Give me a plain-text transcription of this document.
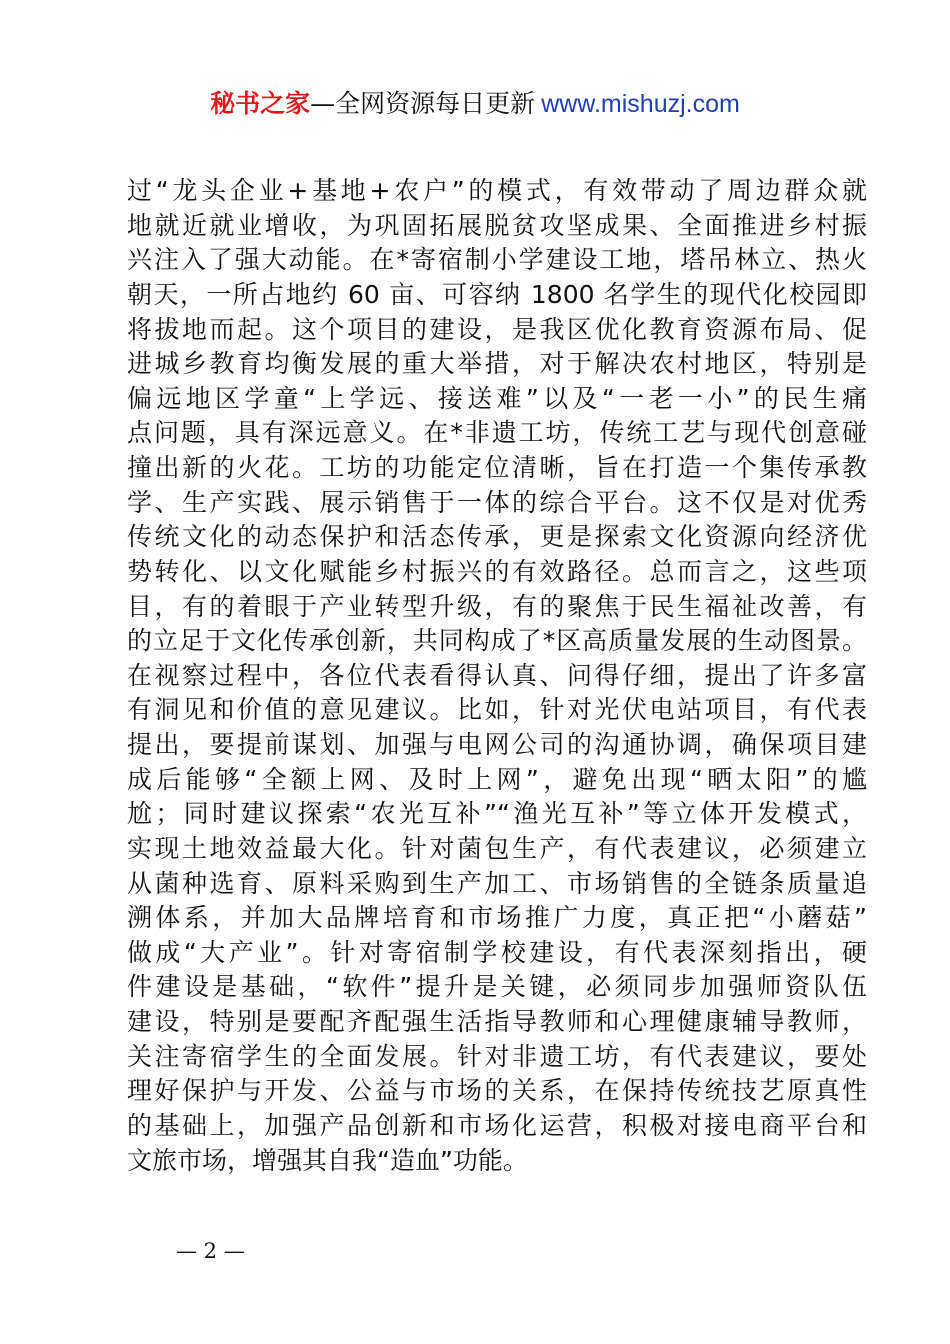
秘书之家—全网资源每日更新 www.mishuzj.com
过“龙头企业+基地+农户”的模式，有效带动了周边群众就
地就近就业增收，为巩固拓展脱贫攻坚成果、全面推进乡村振
兴注入了强大动能。在*寄宿制小学建设工地，塔吊林立、热火
朝天，一所占地约 60 亩、可容纳 1800 名学生的现代化校园即
将拔地而起。这个项目的建设，是我区优化教育资源布局、促
进城乡教育均衡发展的重大举措，对于解决农村地区，特别是
偏远地区学童“上学远、接送难”以及“一老一小”的民生痛
点问题，具有深远意义。在*非遗工坊，传统工艺与现代创意碰
撞出新的火花。工坊的功能定位清晰，旨在打造一个集传承教
学、生产实践、展示销售于一体的综合平台。这不仅是对优秀
传统文化的动态保护和活态传承，更是探索文化资源向经济优
势转化、以文化赋能乡村振兴的有效路径。总而言之，这些项
目，有的着眼于产业转型升级，有的聚焦于民生福祉改善，有
的立足于文化传承创新，共同构成了*区高质量发展的生动图景。
在视察过程中，各位代表看得认真、问得仔细，提出了许多富
有洞见和价值的意见建议。比如，针对光伏电站项目，有代表
提出，要提前谋划、加强与电网公司的沟通协调，确保项目建
成后能够“全额上网、及时上网”，避免出现“晒太阳”的尴
尬；同时建议探索“农光互补”“渔光互补”等立体开发模式，
实现土地效益最大化。针对菌包生产，有代表建议，必须建立
从菌种选育、原料采购到生产加工、市场销售的全链条质量追
溯体系，并加大品牌培育和市场推广力度，真正把“小蘑菇”
做成“大产业”。针对寄宿制学校建设，有代表深刻指出，硬
件建设是基础，“软件”提升是关键，必须同步加强师资队伍
建设，特别是要配齐配强生活指导教师和心理健康辅导教师，
关注寄宿学生的全面发展。针对非遗工坊，有代表建议，要处
理好保护与开发、公益与市场的关系，在保持传统技艺原真性
的基础上，加强产品创新和市场化运营，积极对接电商平台和
文旅市场，增强其自我“造血”功能。
— 2 —
